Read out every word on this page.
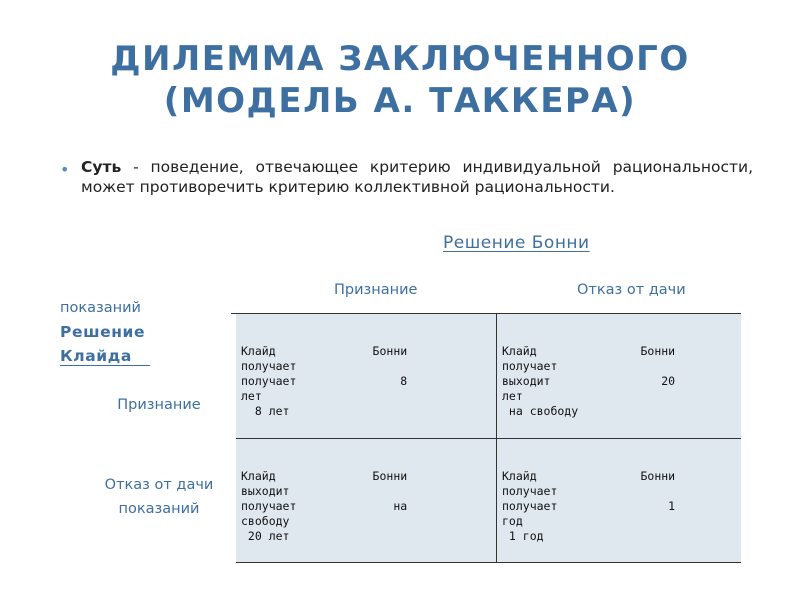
ДИЛЕММА ЗАКЛЮЧЕННОГО
(МОДЕЛЬ А. ТАККЕРА)
• Суть - поведение, отвечающее критерию индивидуальной рациональности, может противоречить критерию коллективной рациональности.
Решение Бонни
Признание	Отказ от дачи
показаний
Решение
Клайда
Признание
Отказ от дачи
показаний
Клайд              Бонни
получает
получает               8
лет
8 лет
Клайд               Бонни
получает
выходит                20
лет
на свободу
Клайд              Бонни
выходит
получает              на
свободу
20 лет
Клайд               Бонни
получает
получает                1
год
1 год
